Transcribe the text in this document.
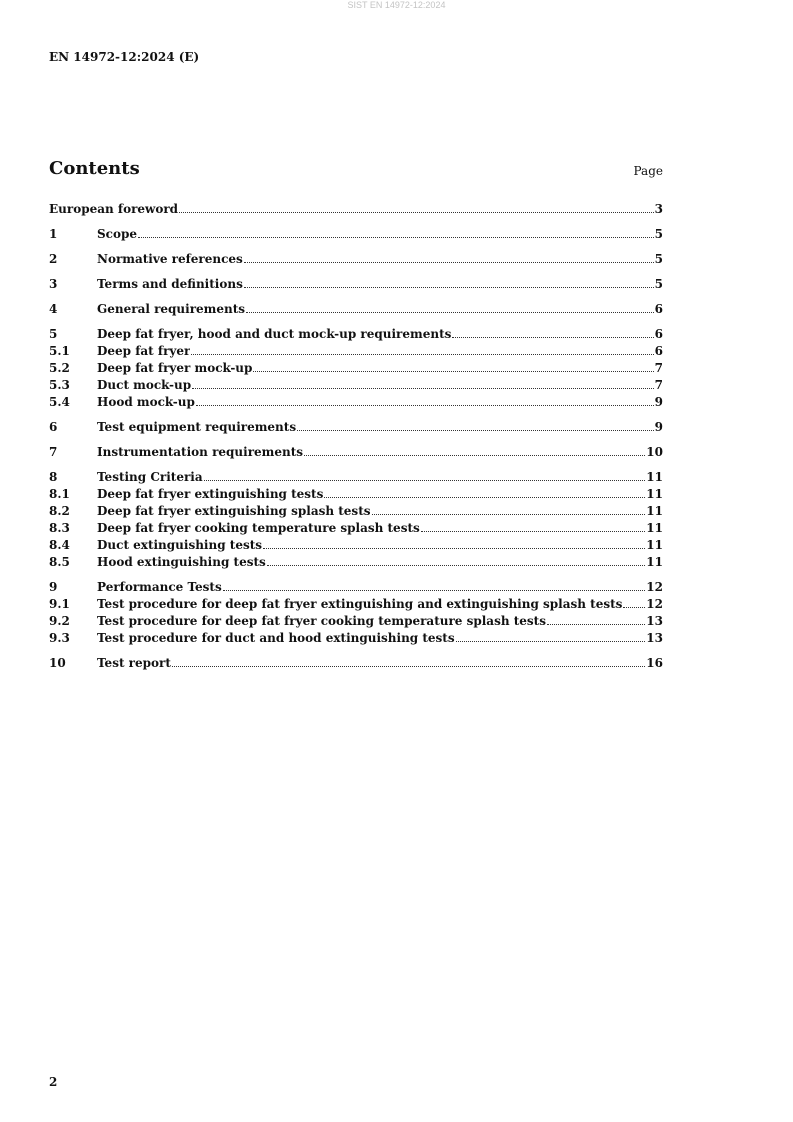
SIST EN 14972-12:2024
EN 14972-12:2024 (E)
Contents	Page
European foreword	3
1	Scope	5
2	Normative references	5
3	Terms and definitions	5
4	General requirements	6
5	Deep fat fryer, hood and duct mock-up requirements	6
5.1	Deep fat fryer	6
5.2	Deep fat fryer mock-up	7
5.3	Duct mock-up	7
5.4	Hood mock-up	9
6	Test equipment requirements	9
7	Instrumentation requirements	10
8	Testing Criteria	11
8.1	Deep fat fryer extinguishing tests	11
8.2	Deep fat fryer extinguishing splash tests	11
8.3	Deep fat fryer cooking temperature splash tests	11
8.4	Duct extinguishing tests	11
8.5	Hood extinguishing tests	11
9	Performance Tests	12
9.1	Test procedure for deep fat fryer extinguishing and extinguishing splash tests 12
9.2	Test procedure for deep fat fryer cooking temperature splash tests	13
9.3	Test procedure for duct and hood extinguishing tests	13
10	Test report	16
2
